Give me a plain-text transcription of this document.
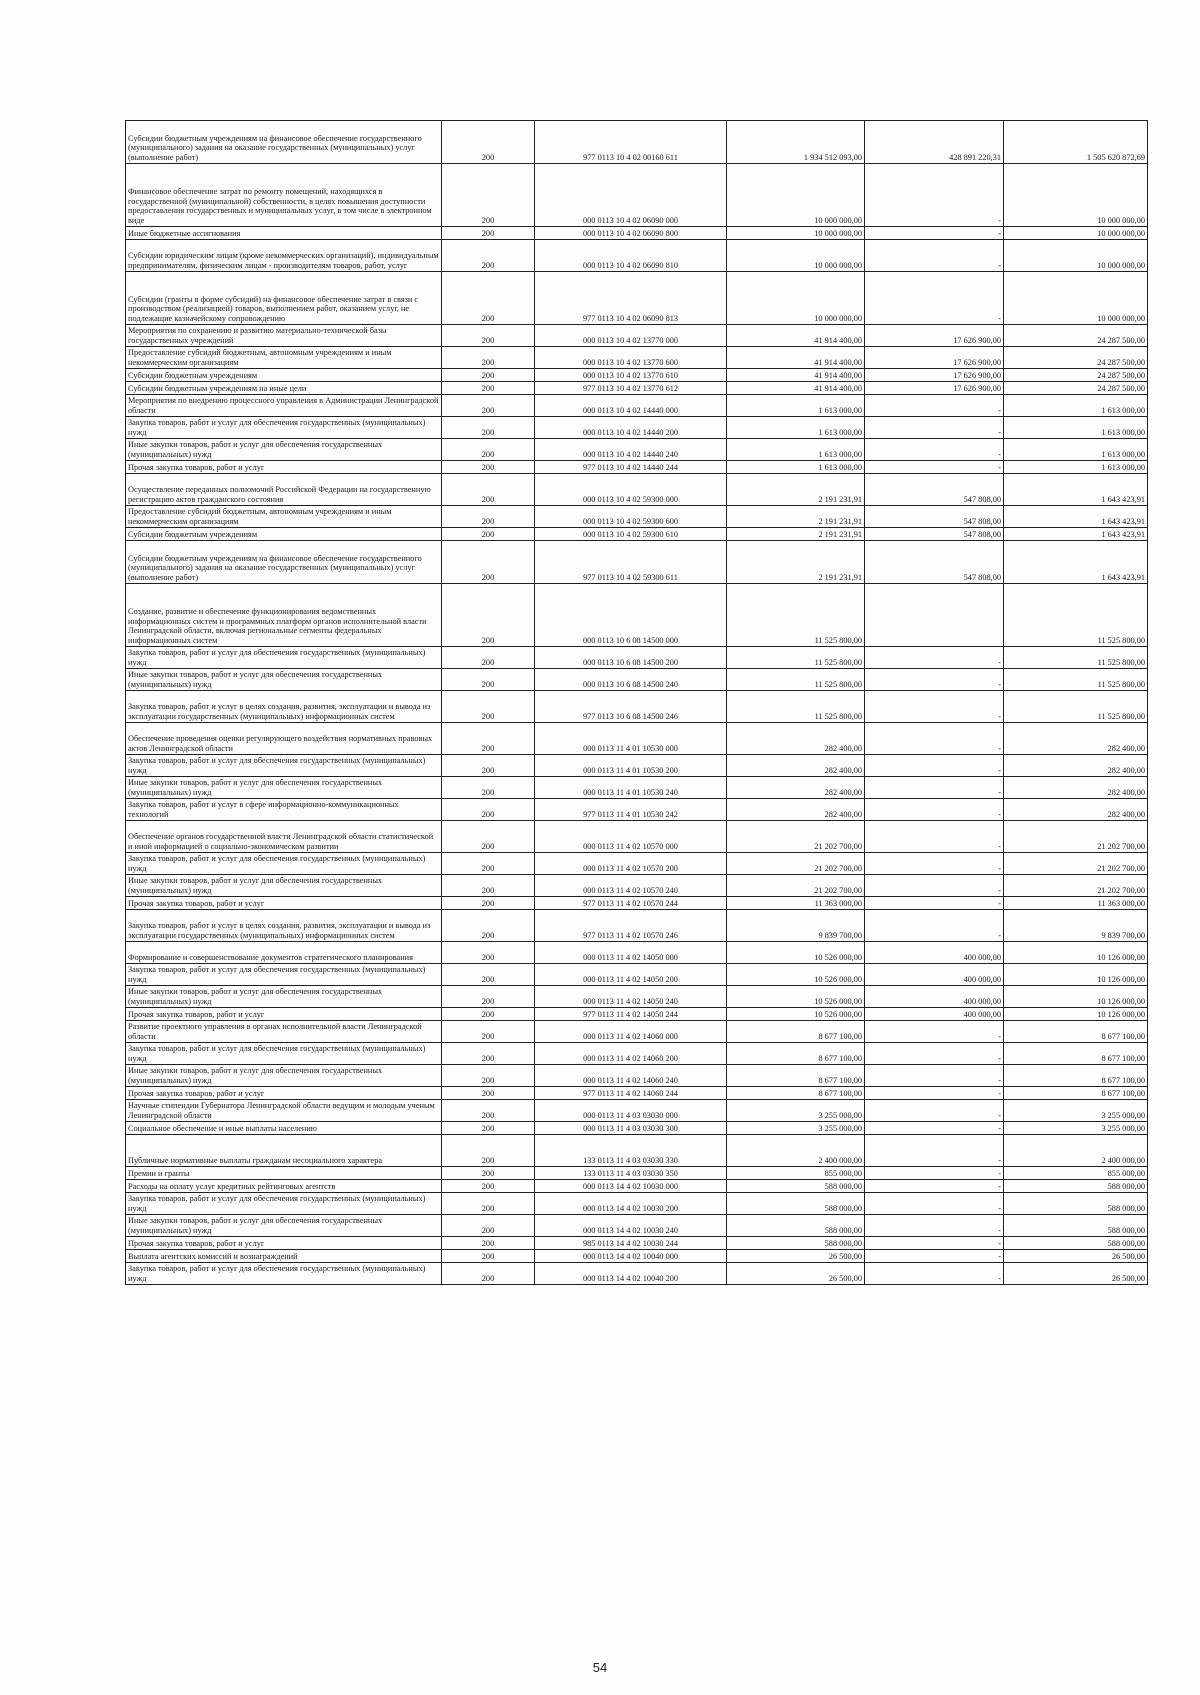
Субсидии бюджетным учреждениям на финансовое обеспечение государственного (муниципального) задания на оказание государственных (муниципальных) услуг (выполнение работ)	200	977 0113 10 4 02 00160 611	1 934 512 093,00	428 891 220,31	1 505 620 872,69
Финансовое обеспечение затрат по ремонту помещений, находящихся в государственной (муниципальной) собственности, в целях повышения доступности предоставления государственных и муниципальных услуг, в том числе в электронном виде	200	000 0113 10 4 02 06090 000	10 000 000,00	-	10 000 000,00
Иные бюджетные ассигнования	200	000 0113 10 4 02 06090 800	10 000 000,00	-	10 000 000,00
Субсидии юридическим лицам (кроме некоммерческих организаций), индивидуальным предпринимателям, физическим лицам - производителям товаров, работ, услуг	200	000 0113 10 4 02 06090 810	10 000 000,00	-	10 000 000,00
Субсидии (гранты в форме субсидий) на финансовое обеспечение затрат в связи с производством (реализацией) товаров, выполнением работ, оказанием услуг, не подлежащие казначейскому сопровождению	200	977 0113 10 4 02 06090 813	10 000 000,00	-	10 000 000,00
Мероприятия по сохранению и развитию материально-технической базы государственных учреждений	200	000 0113 10 4 02 13770 000	41 914 400,00	17 626 900,00	24 287 500,00
Предоставление субсидий бюджетным, автономным учреждениям и иным некоммерческим организациям	200	000 0113 10 4 02 13770 600	41 914 400,00	17 626 900,00	24 287 500,00
Субсидии бюджетным учреждениям	200	000 0113 10 4 02 13770 610	41 914 400,00	17 626 900,00	24 287 500,00
Субсидии бюджетным учреждениям на иные цели	200	977 0113 10 4 02 13770 612	41 914 400,00	17 626 900,00	24 287 500,00
Мероприятия по внедрению процессного управления в Администрации Ленинградской области	200	000 0113 10 4 02 14440 000	1 613 000,00	-	1 613 000,00
Закупка товаров, работ и услуг для обеспечения государственных (муниципальных) нужд	200	000 0113 10 4 02 14440 200	1 613 000,00	-	1 613 000,00
Иные закупки товаров, работ и услуг для обеспечения государственных (муниципальных) нужд	200	000 0113 10 4 02 14440 240	1 613 000,00	-	1 613 000,00
Прочая закупка товаров, работ и услуг	200	977 0113 10 4 02 14440 244	1 613 000,00	-	1 613 000,00
Осуществление переданных полномочий Российской Федерации на государственную регистрацию актов гражданского состояния	200	000 0113 10 4 02 59300 000	2 191 231,91	547 808,00	1 643 423,91
Предоставление субсидий бюджетным, автономным учреждениям и иным некоммерческим организациям	200	000 0113 10 4 02 59300 600	2 191 231,91	547 808,00	1 643 423,91
Субсидии бюджетным учреждениям	200	000 0113 10 4 02 59300 610	2 191 231,91	547 808,00	1 643 423,91
Субсидии бюджетным учреждениям на финансовое обеспечение государственного (муниципального) задания на оказание государственных (муниципальных) услуг (выполнение работ)	200	977 0113 10 4 02 59300 611	2 191 231,91	547 808,00	1 643 423,91
Создание, развитие и обеспечение функционирования ведомственных информационных систем и программных платформ органов исполнительной власти Ленинградской области, включая региональные сегменты федеральных информационных систем	200	000 0113 10 6 08 14500 000	11 525 800,00		11 525 800,00
Закупка товаров, работ и услуг для обеспечения государственных (муниципальных) нужд	200	000 0113 10 6 08 14500 200	11 525 800,00	-	11 525 800,00
Иные закупки товаров, работ и услуг для обеспечения государственных (муниципальных) нужд	200	000 0113 10 6 08 14500 240	11 525 800,00	-	11 525 800,00
Закупка товаров, работ и услуг в целях создания, развития, эксплуатации и вывода из эксплуатации государственных (муниципальных) информационных систем	200	977 0113 10 6 08 14500 246	11 525 800,00	-	11 525 800,00
Обеспечение проведения оценки регулирующего воздействия нормативных правовых актов Ленинградской области	200	000 0113 11 4 01 10530 000	282 400,00	-	282 400,00
Закупка товаров, работ и услуг для обеспечения государственных (муниципальных) нужд	200	000 0113 11 4 01 10530 200	282 400,00	-	282 400,00
Иные закупки товаров, работ и услуг для обеспечения государственных (муниципальных) нужд	200	000 0113 11 4 01 10530 240	282 400,00	-	282 400,00
Закупка товаров, работ и услуг в сфере информационно-коммуникационных технологий	200	977 0113 11 4 01 10530 242	282 400,00	-	282 400,00
Обеспечение органов государственной власти Ленинградской области статистической и иной информацией о социально-экономическом развитии	200	000 0113 11 4 02 10570 000	21 202 700,00	-	21 202 700,00
Закупка товаров, работ и услуг для обеспечения государственных (муниципальных) нужд	200	000 0113 11 4 02 10570 200	21 202 700,00	-	21 202 700,00
Иные закупки товаров, работ и услуг для обеспечения государственных (муниципальных) нужд	200	000 0113 11 4 02 10570 240	21 202 700,00	-	21 202 700,00
Прочая закупка товаров, работ и услуг	200	977 0113 11 4 02 10570 244	11 363 000,00	-	11 363 000,00
Закупка товаров, работ и услуг в целях создания, развития, эксплуатации и вывода из эксплуатации государственных (муниципальных) информационных систем	200	977 0113 11 4 02 10570 246	9 839 700,00	-	9 839 700,00
Формирование и совершенствование документов стратегического планирования	200	000 0113 11 4 02 14050 000	10 526 000,00	400 000,00	10 126 000,00
Закупка товаров, работ и услуг для обеспечения государственных (муниципальных) нужд	200	000 0113 11 4 02 14050 200	10 526 000,00	400 000,00	10 126 000,00
Иные закупки товаров, работ и услуг для обеспечения государственных (муниципальных) нужд	200	000 0113 11 4 02 14050 240	10 526 000,00	400 000,00	10 126 000,00
Прочая закупка товаров, работ и услуг	200	977 0113 11 4 02 14050 244	10 526 000,00	400 000,00	10 126 000,00
Развитие проектного управления в органах исполнительной власти Ленинградской области	200	000 0113 11 4 02 14060 000	8 677 100,00	-	8 677 100,00
Закупка товаров, работ и услуг для обеспечения государственных (муниципальных) нужд	200	000 0113 11 4 02 14060 200	8 677 100,00	-	8 677 100,00
Иные закупки товаров, работ и услуг для обеспечения государственных (муниципальных) нужд	200	000 0113 11 4 02 14060 240	8 677 100,00	-	8 677 100,00
Прочая закупка товаров, работ и услуг	200	977 0113 11 4 02 14060 244	8 677 100,00	-	8 677 100,00
Научные стипендии Губернатора Ленинградской области ведущим и молодым ученым Ленинградской области	200	000 0113 11 4 03 03030 000	3 255 000,00	-	3 255 000,00
Социальное обеспечение и иные выплаты населению	200	000 0113 11 4 03 03030 300	3 255 000,00	-	3 255 000,00
Публичные нормативные выплаты гражданам несоциального характера	200	133 0113 11 4 03 03030 330	2 400 000,00	-	2 400 000,00
Премии и гранты	200	133 0113 11 4 03 03030 350	855 000,00	-	855 000,00
Расходы на оплату услуг кредитных рейтинговых агентств	200	000 0113 14 4 02 10030 000	588 000,00	-	588 000,00
Закупка товаров, работ и услуг для обеспечения государственных (муниципальных) нужд	200	000 0113 14 4 02 10030 200	588 000,00	-	588 000,00
Иные закупки товаров, работ и услуг для обеспечения государственных (муниципальных) нужд	200	000 0113 14 4 02 10030 240	588 000,00	-	588 000,00
Прочая закупка товаров, работ и услуг	200	985 0113 14 4 02 10030 244	588 000,00	-	588 000,00
Выплата агентских комиссий и вознаграждений	200	000 0113 14 4 02 10040 000	26 500,00	-	26 500,00
Закупка товаров, работ и услуг для обеспечения государственных (муниципальных) нужд	200	000 0113 14 4 02 10040 200	26 500,00	-	26 500,00
54
